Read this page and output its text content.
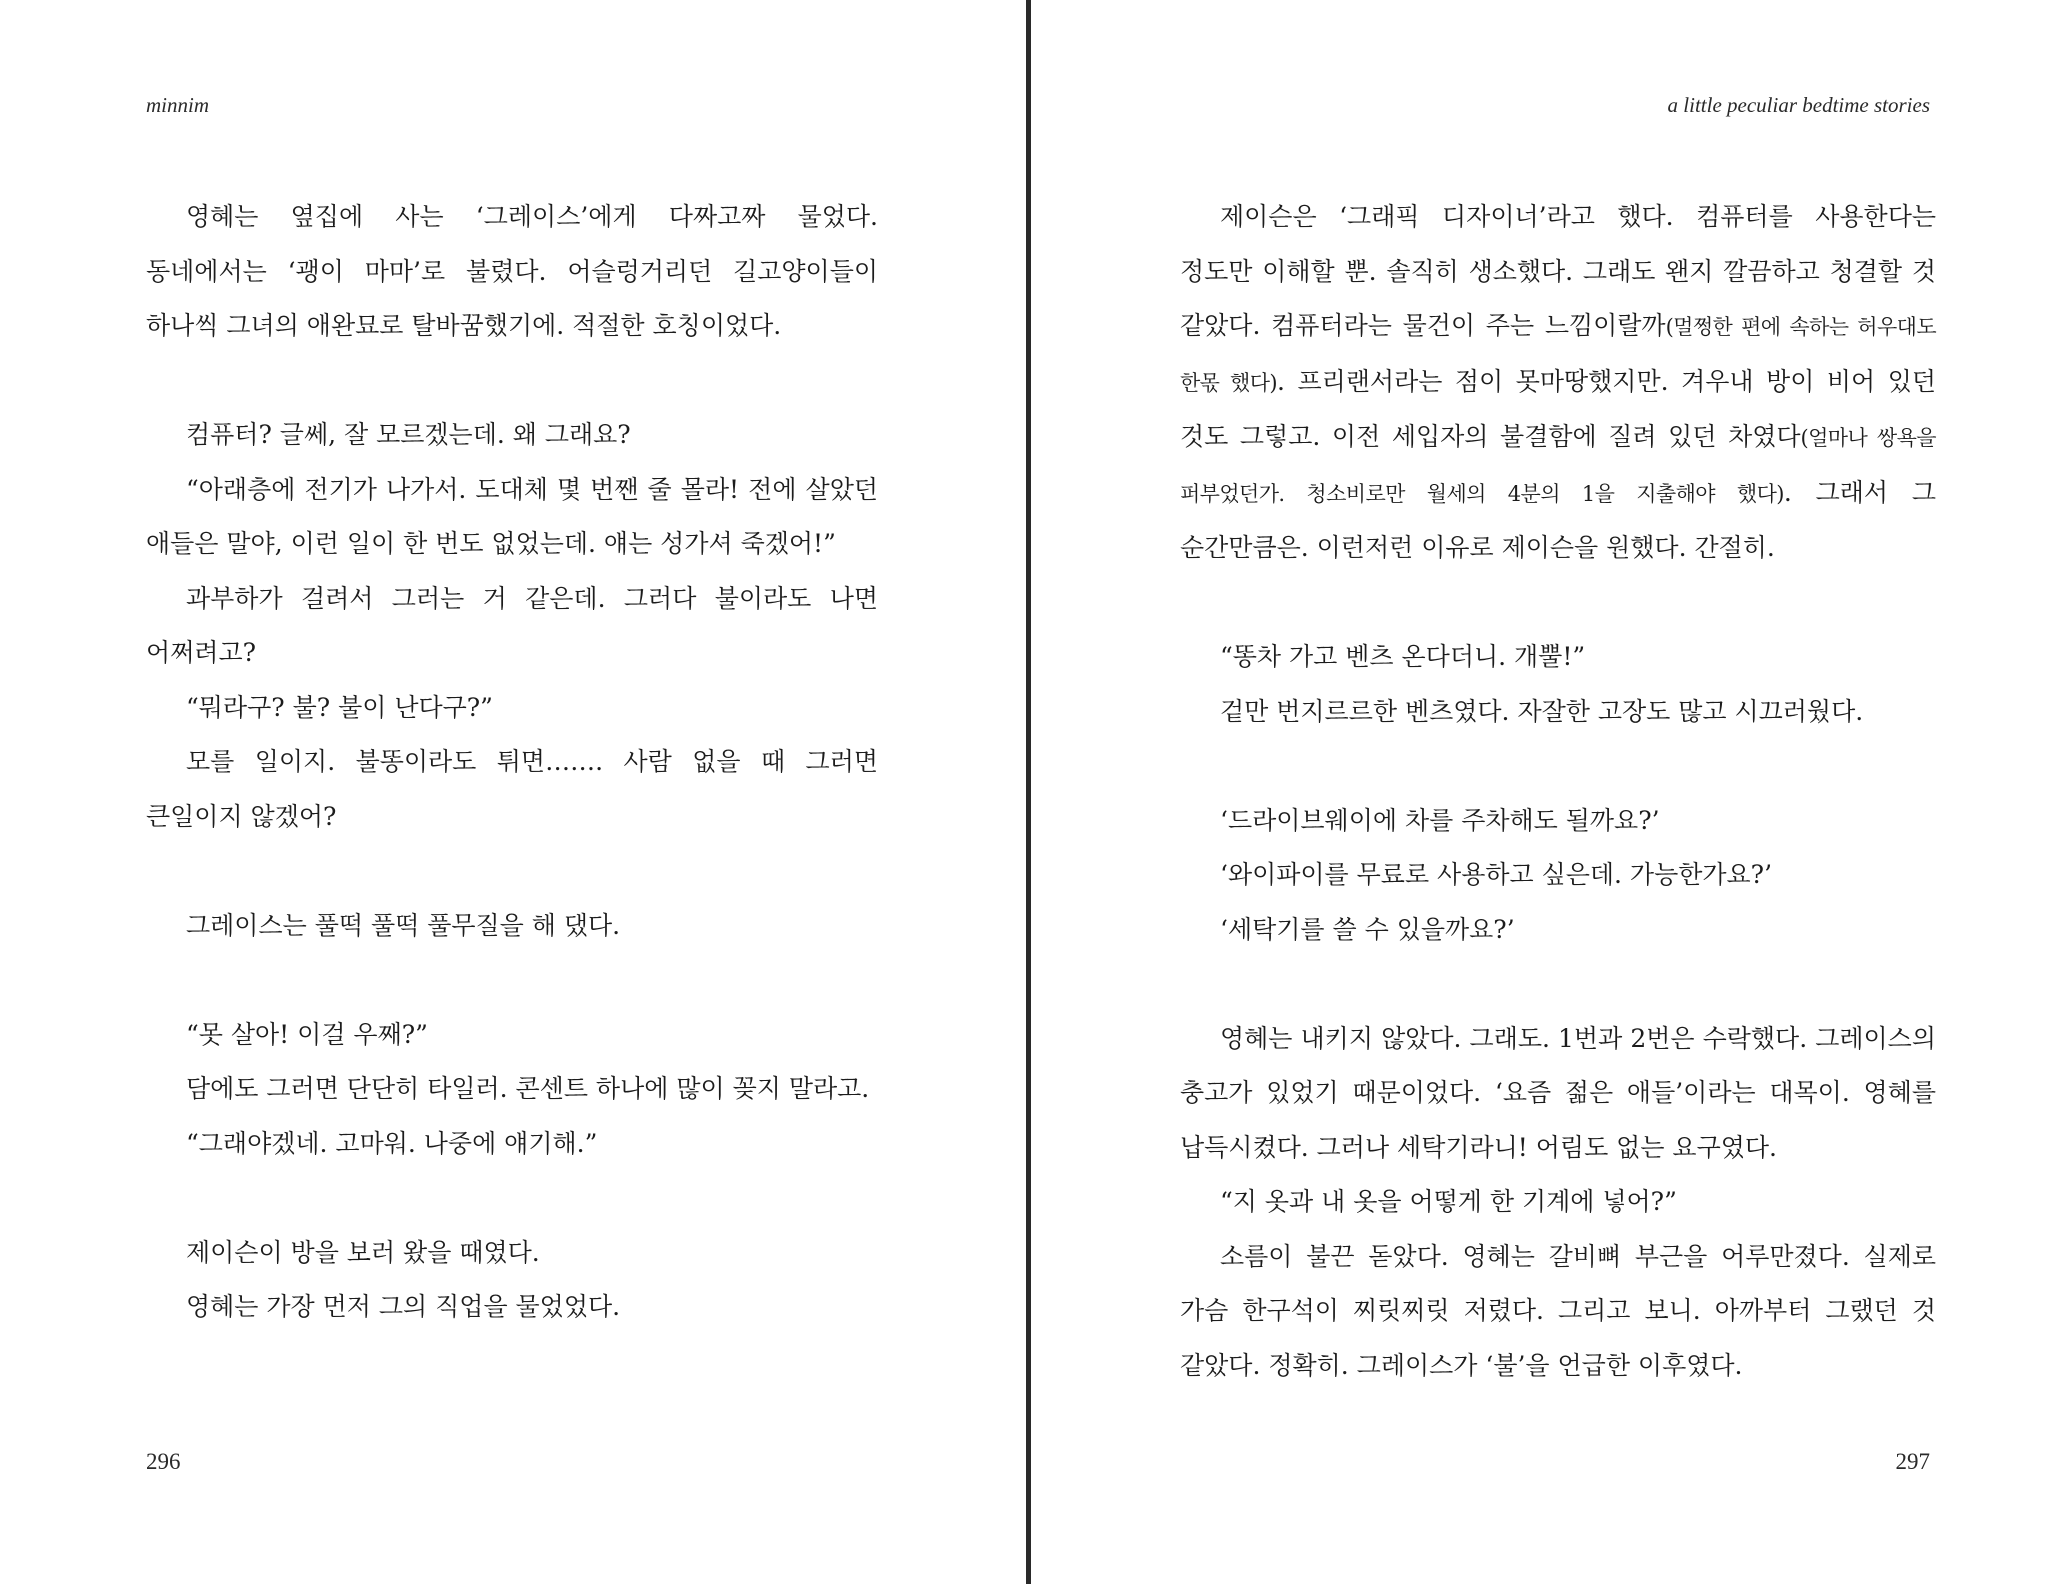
minnim

영혜는 옆집에 사는 ‘그레이스’에게 다짜고짜 물었다. 동네에서는 ‘괭이 마마’로 불렸다. 어슬렁거리던 길고양이들이 하나씩 그녀의 애완묘로 탈바꿈했기에. 적절한 호칭이었다.

컴퓨터? 글쎄, 잘 모르겠는데. 왜 그래요?

“아래층에 전기가 나가서. 도대체 몇 번짼 줄 몰라! 전에 살았던 애들은 말야, 이런 일이 한 번도 없었는데. 얘는 성가셔 죽겠어!”

과부하가 걸려서 그러는 거 같은데. 그러다 불이라도 나면 어쩌려고?

“뭐라구? 불? 불이 난다구?”

모를 일이지. 불똥이라도 튀면……. 사람 없을 때 그러면 큰일이지 않겠어?

그레이스는 풀떡 풀떡 풀무질을 해 댔다.

“못 살아! 이걸 우째?”

담에도 그러면 단단히 타일러. 콘센트 하나에 많이 꽂지 말라고.

“그래야겠네. 고마워. 나중에 얘기해.”

제이슨이 방을 보러 왔을 때였다.

영혜는 가장 먼저 그의 직업을 물었었다.

296
a little peculiar bedtime stories

제이슨은 ‘그래픽 디자이너’라고 했다. 컴퓨터를 사용한다는 정도만 이해할 뿐. 솔직히 생소했다. 그래도 왠지 깔끔하고 청결할 것 같았다. 컴퓨터라는 물건이 주는 느낌이랄까(멀쩡한 편에 속하는 허우대도 한몫 했다). 프리랜서라는 점이 못마땅했지만. 겨우내 방이 비어 있던 것도 그렇고. 이전 세입자의 불결함에 질려 있던 차였다(얼마나 쌍욕을 퍼부었던가. 청소비로만 월세의 4분의 1을 지출해야 했다). 그래서 그 순간만큼은. 이런저런 이유로 제이슨을 원했다. 간절히.

“똥차 가고 벤츠 온다더니. 개뿔!”

겉만 번지르르한 벤츠였다. 자잘한 고장도 많고 시끄러웠다.

‘드라이브웨이에 차를 주차해도 될까요?’

‘와이파이를 무료로 사용하고 싶은데. 가능한가요?’

‘세탁기를 쓸 수 있을까요?’

영혜는 내키지 않았다. 그래도. 1번과 2번은 수락했다. 그레이스의 충고가 있었기 때문이었다. ‘요즘 젊은 애들’이라는 대목이. 영혜를 납득시켰다. 그러나 세탁기라니! 어림도 없는 요구였다.

“지 옷과 내 옷을 어떻게 한 기계에 넣어?”

소름이 불끈 돋았다. 영혜는 갈비뼈 부근을 어루만졌다. 실제로 가슴 한구석이 찌릿찌릿 저렸다. 그리고 보니. 아까부터 그랬던 것 같았다. 정확히. 그레이스가 ‘불’을 언급한 이후였다.

297
